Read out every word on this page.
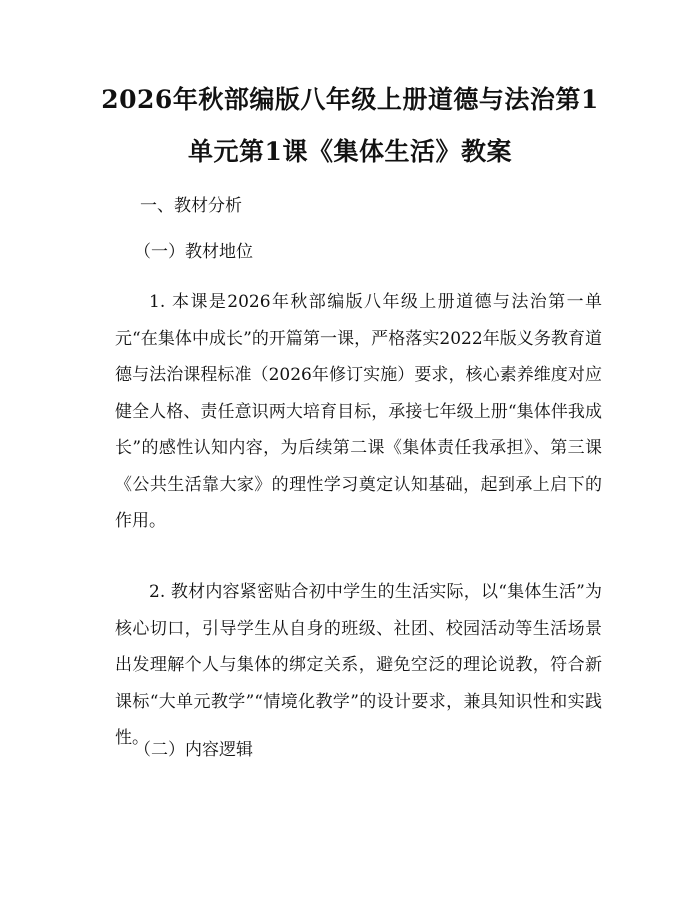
2026年秋部编版八年级上册道德与法治第1
单元第1课《集体生活》教案
一、教材分析
（一）教材地位

1. 本课是2026年秋部编版八年级上册道德与法治第一单元“在集体中成长”的开篇第一课，严格落实2022年版义务教育道德与法治课程标准（2026年修订实施）要求，核心素养维度对应健全人格、责任意识两大培育目标，承接七年级上册“集体伴我成长”的感性认知内容，为后续第二课《集体责任我承担》、第三课《公共生活靠大家》的理性学习奠定认知基础，起到承上启下的作用。

2. 教材内容紧密贴合初中学生的生活实际，以“集体生活”为核心切口，引导学生从自身的班级、社团、校园活动等生活场景出发理解个人与集体的绑定关系，避免空泛的理论说教，符合新课标“大单元教学”“情境化教学”的设计要求，兼具知识性和实践性。

（二）内容逻辑
